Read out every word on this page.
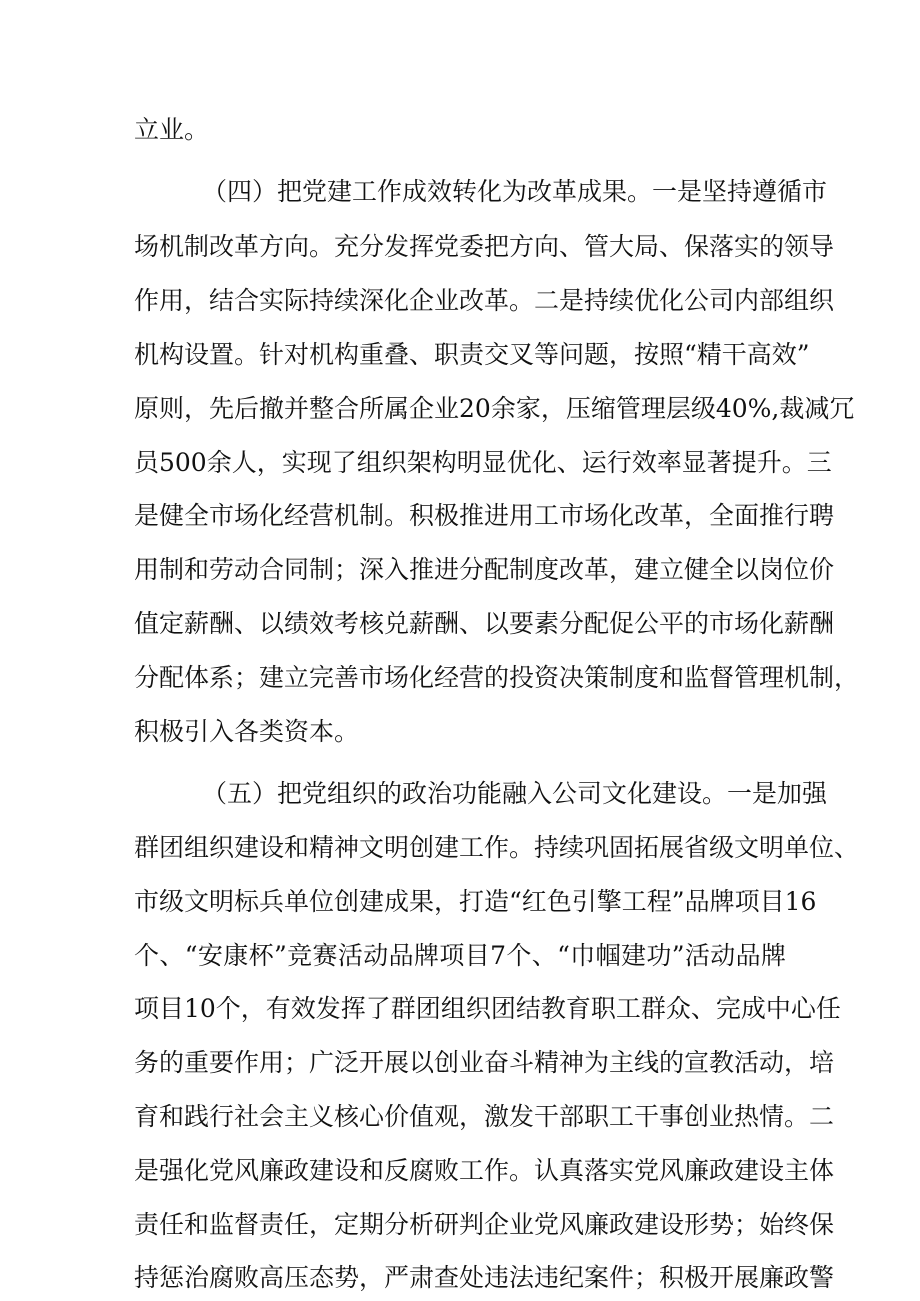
立业。
（四）把党建工作成效转化为改革成果。一是坚持遵循市
场机制改革方向。充分发挥党委把方向、管大局、保落实的领导
作用，结合实际持续深化企业改革。二是持续优化公司内部组织
机构设置。针对机构重叠、职责交叉等问题，按照“精干高效”
原则，先后撤并整合所属企业20余家，压缩管理层级40%,裁减冗
员500余人，实现了组织架构明显优化、运行效率显著提升。三
是健全市场化经营机制。积极推进用工市场化改革，全面推行聘
用制和劳动合同制；深入推进分配制度改革，建立健全以岗位价
值定薪酬、以绩效考核兑薪酬、以要素分配促公平的市场化薪酬
分配体系；建立完善市场化经营的投资决策制度和监督管理机制，
积极引入各类资本。
（五）把党组织的政治功能融入公司文化建设。一是加强
群团组织建设和精神文明创建工作。持续巩固拓展省级文明单位、
市级文明标兵单位创建成果，打造“红色引擎工程”品牌项目16
个、“安康杯”竞赛活动品牌项目7个、“巾帼建功”活动品牌
项目10个，有效发挥了群团组织团结教育职工群众、完成中心任
务的重要作用；广泛开展以创业奋斗精神为主线的宣教活动，培
育和践行社会主义核心价值观，激发干部职工干事创业热情。二
是强化党风廉政建设和反腐败工作。认真落实党风廉政建设主体
责任和监督责任，定期分析研判企业党风廉政建设形势；始终保
持惩治腐败高压态势，严肃查处违法违纪案件；积极开展廉政警
